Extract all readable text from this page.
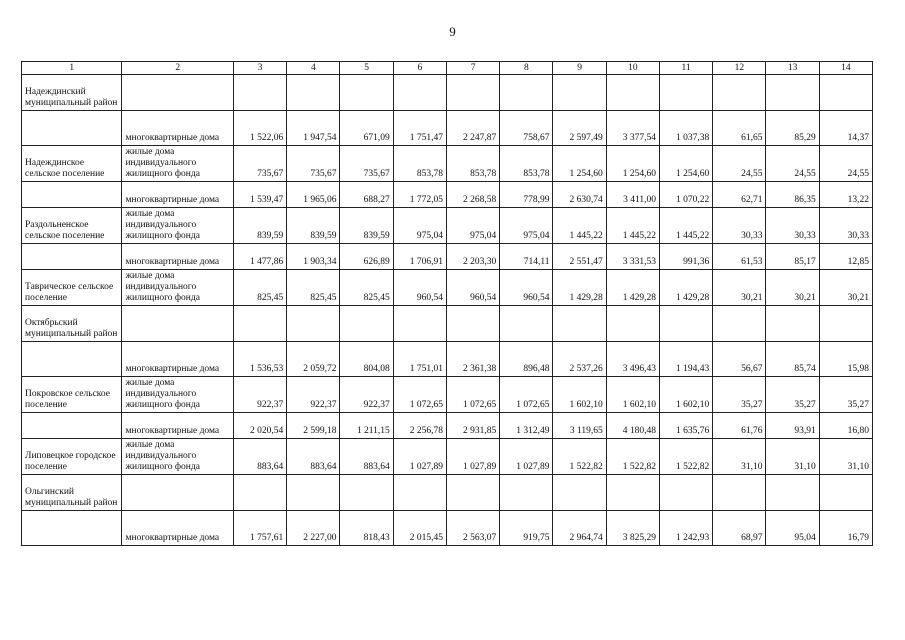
9
1	2	3	4	5	6	7	8	9	10	11	12	13	14
Надеждинский муниципальный район													
	многоквартирные дома	1 522,06	1 947,54	671,09	1 751,47	2 247,87	758,67	2 597,49	3 377,54	1 037,38	61,65	85,29	14,37
Надеждинское сельское поселение	жилые дома индивидуального жилищного фонда	735,67	735,67	735,67	853,78	853,78	853,78	1 254,60	1 254,60	1 254,60	24,55	24,55	24,55
	многоквартирные дома	1 539,47	1 965,06	688,27	1 772,05	2 268,58	778,99	2 630,74	3 411,00	1 070,22	62,71	86,35	13,22
Раздольненское сельское поселение	жилые дома индивидуального жилищного фонда	839,59	839,59	839,59	975,04	975,04	975,04	1 445,22	1 445,22	1 445,22	30,33	30,33	30,33
	многоквартирные дома	1 477,86	1 903,34	626,89	1 706,91	2 203,30	714,11	2 551,47	3 331,53	991,36	61,53	85,17	12,85
Таврическое сельское поселение	жилые дома индивидуального жилищного фонда	825,45	825,45	825,45	960,54	960,54	960,54	1 429,28	1 429,28	1 429,28	30,21	30,21	30,21
Октябрьский муниципальный район													
	многоквартирные дома	1 536,53	2 059,72	804,08	1 751,01	2 361,38	896,48	2 537,26	3 496,43	1 194,43	56,67	85,74	15,98
Покровское сельское поселение	жилые дома индивидуального жилищного фонда	922,37	922,37	922,37	1 072,65	1 072,65	1 072,65	1 602,10	1 602,10	1 602,10	35,27	35,27	35,27
	многоквартирные дома	2 020,54	2 599,18	1 211,15	2 256,78	2 931,85	1 312,49	3 119,65	4 180,48	1 635,76	61,76	93,91	16,80
Липовецкое городское поселение	жилые дома индивидуального жилищного фонда	883,64	883,64	883,64	1 027,89	1 027,89	1 027,89	1 522,82	1 522,82	1 522,82	31,10	31,10	31,10
Ольгинский муниципальный район													
	многоквартирные дома	1 757,61	2 227,00	818,43	2 015,45	2 563,07	919,75	2 964,74	3 825,29	1 242,93	68,97	95,04	16,79
